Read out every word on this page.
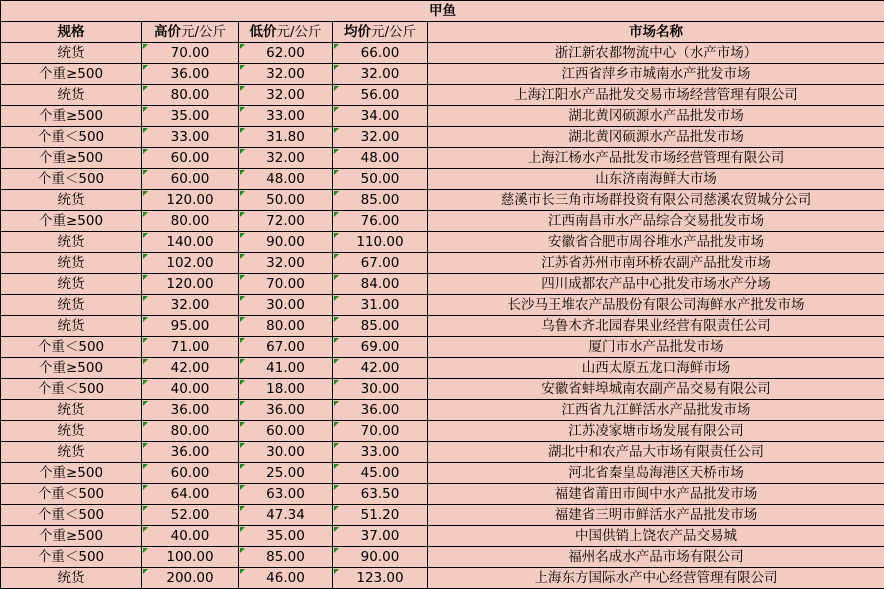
甲鱼				
规格	高价元/公斤	低价元/公斤	均价元/公斤	市场名称
统货	70.00	62.00	66.00	浙江新农都物流中心（水产市场）
个重≥500	36.00	32.00	32.00	江西省萍乡市城南水产批发市场
统货	80.00	32.00	56.00	上海江阳水产品批发交易市场经营管理有限公司
个重≥500	35.00	33.00	34.00	湖北黄冈硕源水产品批发市场
个重＜500	33.00	31.80	32.00	湖北黄冈硕源水产品批发市场
个重≥500	60.00	32.00	48.00	上海江杨水产品批发市场经营管理有限公司
个重＜500	60.00	48.00	50.00	山东济南海鲜大市场
统货	120.00	50.00	85.00	慈溪市长三角市场群投资有限公司慈溪农贸城分公司
个重≥500	80.00	72.00	76.00	江西南昌市水产品综合交易批发市场
统货	140.00	90.00	110.00	安徽省合肥市周谷堆水产品批发市场
统货	102.00	32.00	67.00	江苏省苏州市南环桥农副产品批发市场
统货	120.00	70.00	84.00	四川成都农产品中心批发市场水产分场
统货	32.00	30.00	31.00	长沙马王堆农产品股份有限公司海鲜水产批发市场
统货	95.00	80.00	85.00	乌鲁木齐北园春果业经营有限责任公司
个重＜500	71.00	67.00	69.00	厦门市水产品批发市场
个重≥500	42.00	41.00	42.00	山西太原五龙口海鲜市场
个重＜500	40.00	18.00	30.00	安徽省蚌埠城南农副产品交易有限公司
统货	36.00	36.00	36.00	江西省九江鲜活水产品批发市场
统货	80.00	60.00	70.00	江苏凌家塘市场发展有限公司
统货	36.00	30.00	33.00	湖北中和农产品大市场有限责任公司
个重≥500	60.00	25.00	45.00	河北省秦皇岛海港区天桥市场
个重＜500	64.00	63.00	63.50	福建省莆田市闽中水产品批发市场
个重＜500	52.00	47.34	51.20	福建省三明市鲜活水产品批发市场
个重≥500	40.00	35.00	37.00	中国供销上饶农产品交易城
个重＜500	100.00	85.00	90.00	福州名成水产品市场有限公司
统货	200.00	46.00	123.00	上海东方国际水产中心经营管理有限公司
